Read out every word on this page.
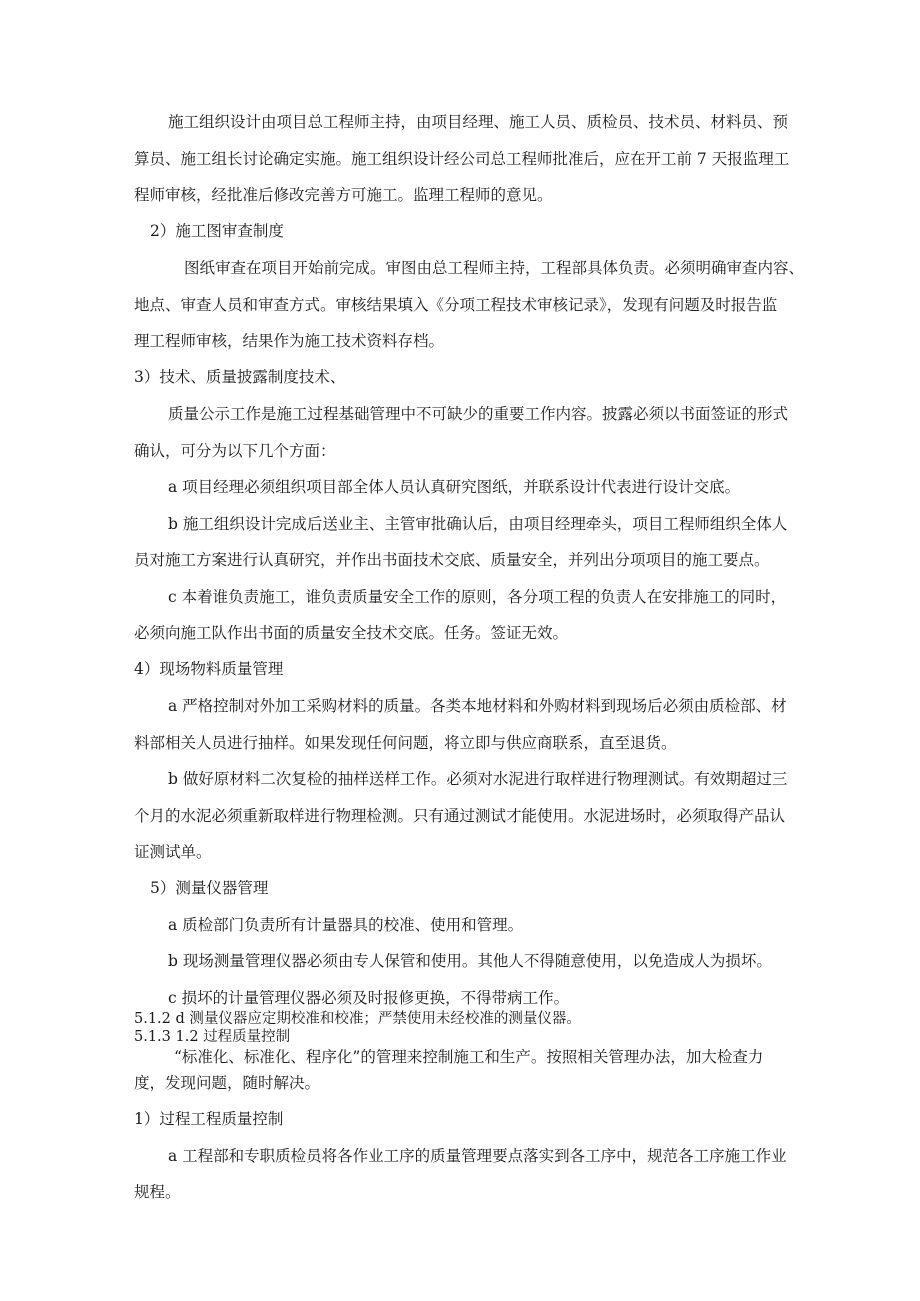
施工组织设计由项目总工程师主持，由项目经理、施工人员、质检员、技术员、材料员、预
算员、施工组长讨论确定实施。施工组织设计经公司总工程师批准后，应在开工前 7 天报监理工
程师审核，经批准后修改完善方可施工。监理工程师的意见。
2）施工图审查制度
图纸审查在项目开始前完成。审图由总工程师主持，工程部具体负责。必须明确审查内容、
地点、审查人员和审查方式。审核结果填入《分项工程技术审核记录》，发现有问题及时报告监
理工程师审核，结果作为施工技术资料存档。
3）技术、质量披露制度技术、
质量公示工作是施工过程基础管理中不可缺少的重要工作内容。披露必须以书面签证的形式
确认，可分为以下几个方面：
a 项目经理必须组织项目部全体人员认真研究图纸，并联系设计代表进行设计交底。
b 施工组织设计完成后送业主、主管审批确认后，由项目经理牵头，项目工程师组织全体人
员对施工方案进行认真研究，并作出书面技术交底、质量安全，并列出分项项目的施工要点。
c 本着谁负责施工，谁负责质量安全工作的原则，各分项工程的负责人在安排施工的同时，
必须向施工队作出书面的质量安全技术交底。任务。签证无效。
4）现场物料质量管理
a 严格控制对外加工采购材料的质量。各类本地材料和外购材料到现场后必须由质检部、材
料部相关人员进行抽样。如果发现任何问题，将立即与供应商联系，直至退货。
b 做好原材料二次复检的抽样送样工作。必须对水泥进行取样进行物理测试。有效期超过三
个月的水泥必须重新取样进行物理检测。只有通过测试才能使用。水泥进场时，必须取得产品认
证测试单。
5）测量仪器管理
a 质检部门负责所有计量器具的校准、使用和管理。
b 现场测量管理仪器必须由专人保管和使用。其他人不得随意使用，以免造成人为损坏。
c 损坏的计量管理仪器必须及时报修更换，不得带病工作。
5.1.2 d 测量仪器应定期校准和校准；严禁使用未经校准的测量仪器。
5.1.3 1.2 过程质量控制
“标准化、标准化、程序化”的管理来控制施工和生产。按照相关管理办法，加大检查力
度，发现问题，随时解决。
1）过程工程质量控制
a 工程部和专职质检员将各作业工序的质量管理要点落实到各工序中，规范各工序施工作业
规程。
